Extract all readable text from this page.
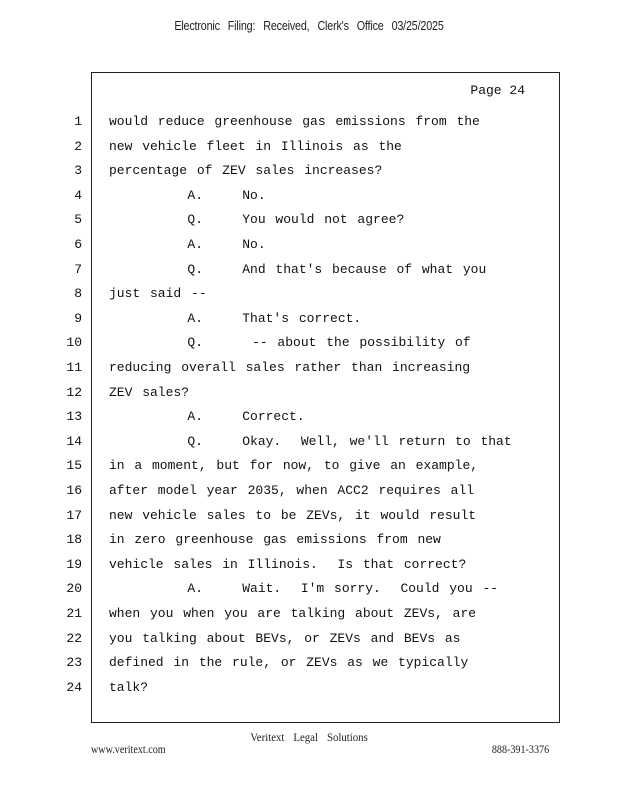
Electronic Filing: Received, Clerk's Office 03/25/2025
Page 24
1 would reduce greenhouse gas emissions from the
2 new vehicle fleet in Illinois as the
3 percentage of ZEV sales increases?
4 A.    No.
5 Q.    You would not agree?
6 A.    No.
7 Q.    And that's because of what you
8 just said --
9 A.    That's correct.
10 Q.     -- about the possibility of
11 reducing overall sales rather than increasing
12 ZEV sales?
13 A.    Correct.
14 Q.    Okay.  Well, we'll return to that
15 in a moment, but for now, to give an example,
16 after model year 2035, when ACC2 requires all
17 new vehicle sales to be ZEVs, it would result
18 in zero greenhouse gas emissions from new
19 vehicle sales in Illinois.  Is that correct?
20 A.    Wait.  I'm sorry.  Could you --
21 when you when you are talking about ZEVs, are
22 you talking about BEVs, or ZEVs and BEVs as
23 defined in the rule, or ZEVs as we typically
24 talk?
Veritext Legal Solutions
www.veritext.com	888-391-3376
